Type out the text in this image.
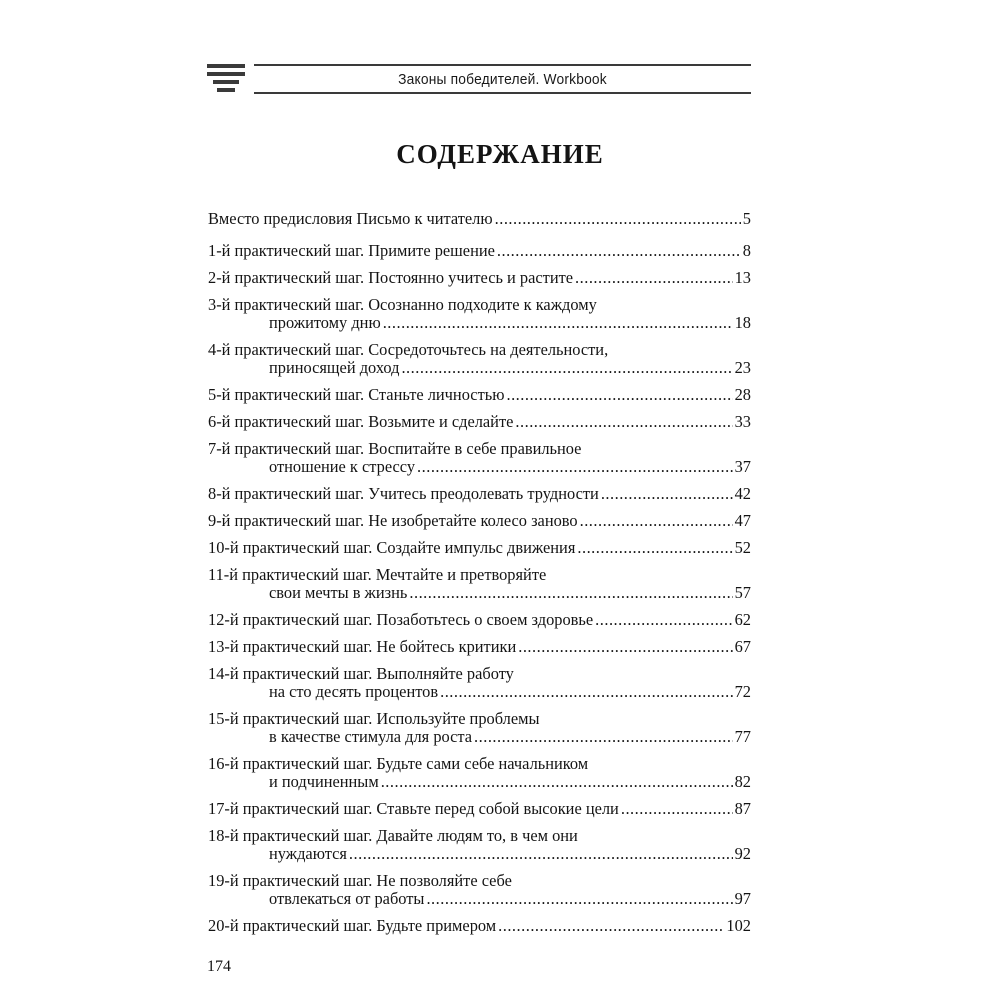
Законы победителей. Workbook
СОДЕРЖАНИЕ
Вместо предисловия Письмо к читателю .....	5
1-й практический шаг. Примите решение .....	8
2-й практический шаг. Постоянно учитесь и растите .....	13
3-й практический шаг. Осознанно подходите к каждому
прожитому дню .....	18
4-й практический шаг. Сосредоточьтесь на деятельности,
приносящей доход .....	23
5-й практический шаг. Станьте личностью .....	28
6-й практический шаг. Возьмите и сделайте .....	33
7-й практический шаг. Воспитайте в себе правильное
отношение к стрессу .....	37
8-й практический шаг. Учитесь преодолевать трудности .....	42
9-й практический шаг. Не изобретайте колесо заново .....	47
10-й практический шаг. Создайте импульс движения .....	52
11-й практический шаг. Мечтайте и претворяйте
свои мечты в жизнь .....	57
12-й практический шаг. Позаботьтесь о своем здоровье .....	62
13-й практический шаг. Не бойтесь критики .....	67
14-й практический шаг. Выполняйте работу
на сто десять процентов .....	72
15-й практический шаг. Используйте проблемы
в качестве стимула для роста .....	77
16-й практический шаг. Будьте сами себе начальником
и подчиненным .....	82
17-й практический шаг. Ставьте перед собой высокие цели .....	87
18-й практический шаг. Давайте людям то, в чем они
нуждаются .....	92
19-й практический шаг. Не позволяйте себе
отвлекаться от работы .....	97
20-й практический шаг. Будьте примером .....	102
174
